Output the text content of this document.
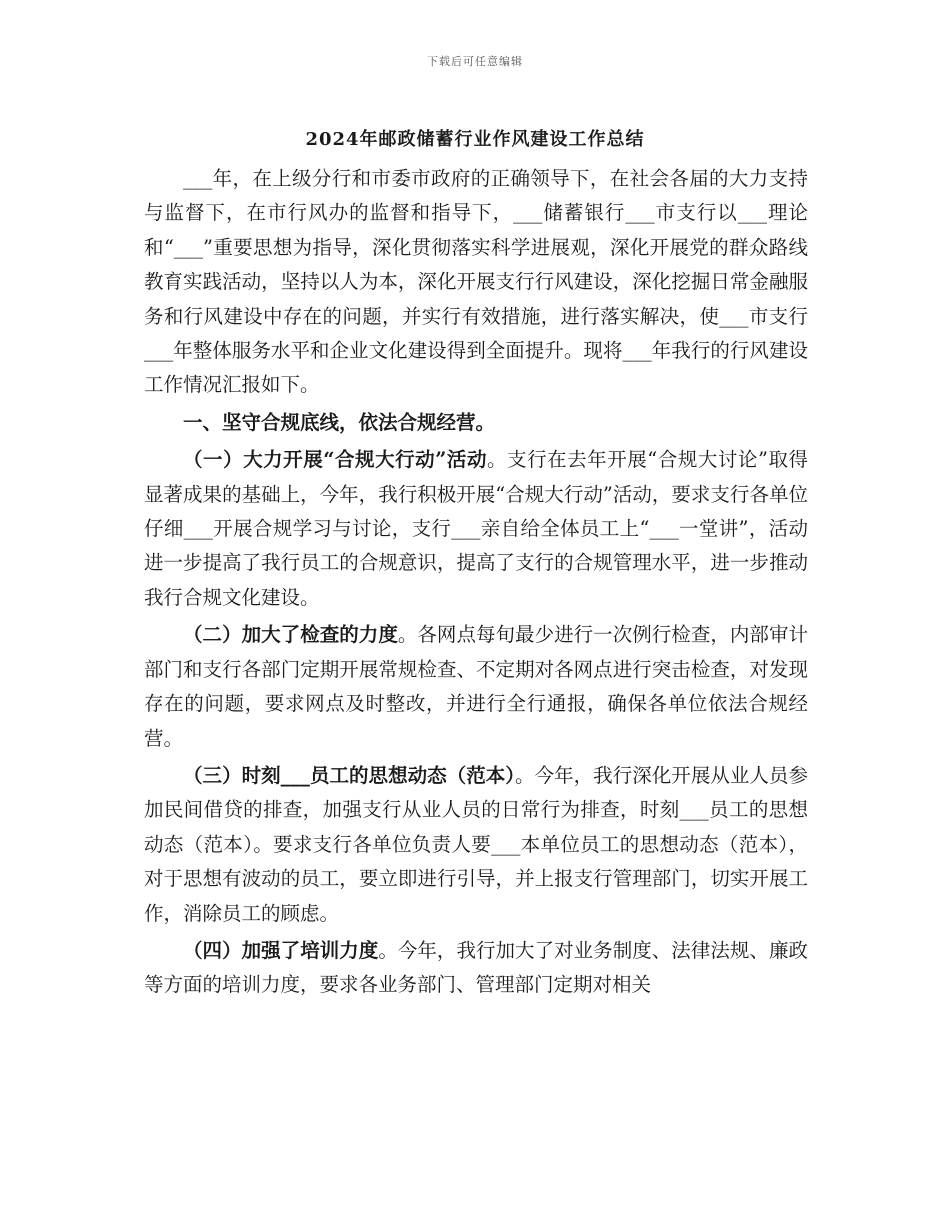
下载后可任意编辑
2024年邮政储蓄行业作风建设工作总结

___年，在上级分行和市委市政府的正确领导下，在社会各届的大力支持与监督下，在市行风办的监督和指导下，___储蓄银行___市支行以___理论和“___”重要思想为指导，深化贯彻落实科学进展观，深化开展党的群众路线教育实践活动，坚持以人为本，深化开展支行行风建设，深化挖掘日常金融服务和行风建设中存在的问题，并实行有效措施，进行落实解决，使___市支行___年整体服务水平和企业文化建设得到全面提升。现将___年我行的行风建设工作情况汇报如下。

一、坚守合规底线，依法合规经营。

（一）大力开展“合规大行动”活动。支行在去年开展“合规大讨论”取得显著成果的基础上，今年，我行积极开展“合规大行动”活动，要求支行各单位仔细___开展合规学习与讨论，支行___亲自给全体员工上“___一堂讲”，活动进一步提高了我行员工的合规意识，提高了支行的合规管理水平，进一步推动我行合规文化建设。

（二）加大了检查的力度。各网点每旬最少进行一次例行检查，内部审计部门和支行各部门定期开展常规检查、不定期对各网点进行突击检查，对发现存在的问题，要求网点及时整改，并进行全行通报，确保各单位依法合规经营。

（三）时刻___员工的思想动态（范本）。今年，我行深化开展从业人员参加民间借贷的排查，加强支行从业人员的日常行为排查，时刻___员工的思想动态（范本）。要求支行各单位负责人要___本单位员工的思想动态（范本），对于思想有波动的员工，要立即进行引导，并上报支行管理部门，切实开展工作，消除员工的顾虑。

（四）加强了培训力度。今年，我行加大了对业务制度、法律法规、廉政等方面的培训力度，要求各业务部门、管理部门定期对相关
